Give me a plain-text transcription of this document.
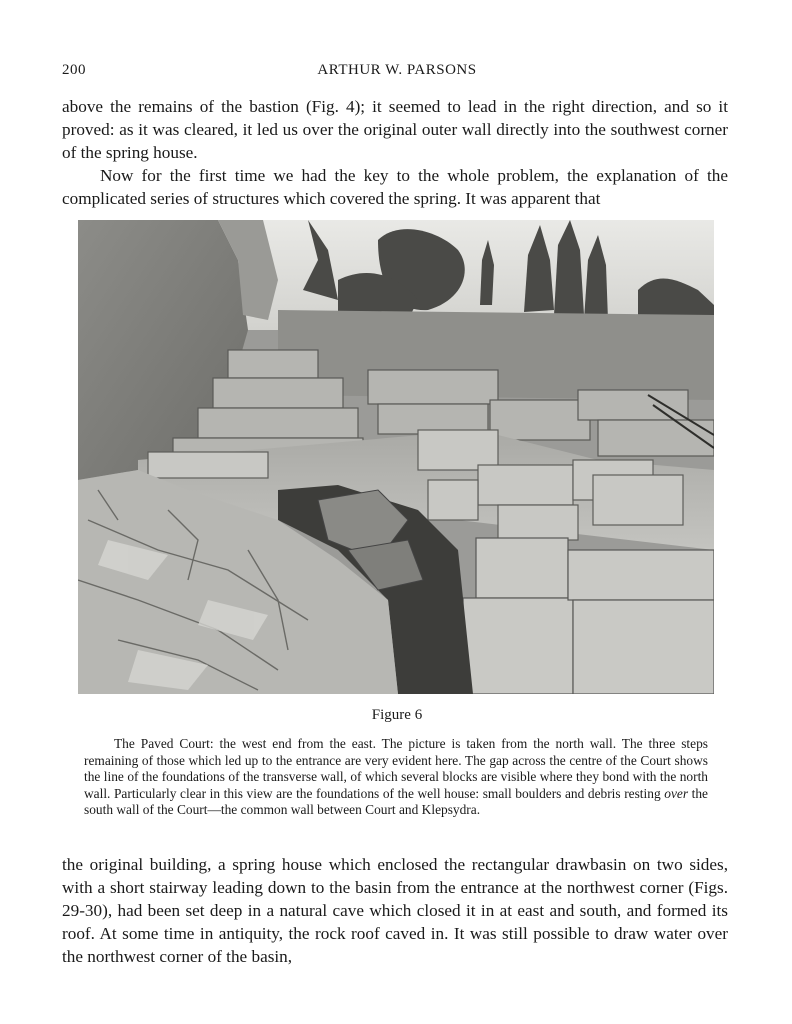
200	ARTHUR W. PARSONS

above the remains of the bastion (Fig. 4); it seemed to lead in the right direction, and so it proved: as it was cleared, it led us over the original outer wall directly into the southwest corner of the spring house.

Now for the first time we had the key to the whole problem, the explanation of the complicated series of structures which covered the spring. It was apparent that

Figure 6

The Paved Court: the west end from the east. The picture is taken from the north wall. The three steps remaining of those which led up to the entrance are very evident here. The gap across the centre of the Court shows the line of the foundations of the transverse wall, of which several blocks are visible where they bond with the north wall. Particularly clear in this view are the foundations of the well house: small boulders and debris resting over the south wall of the Court—the common wall between Court and Klepsydra.

the original building, a spring house which enclosed the rectangular drawbasin on two sides, with a short stairway leading down to the basin from the entrance at the northwest corner (Figs. 29-30), had been set deep in a natural cave which closed it in at east and south, and formed its roof. At some time in antiquity, the rock roof caved in. It was still possible to draw water over the northwest corner of the basin,
